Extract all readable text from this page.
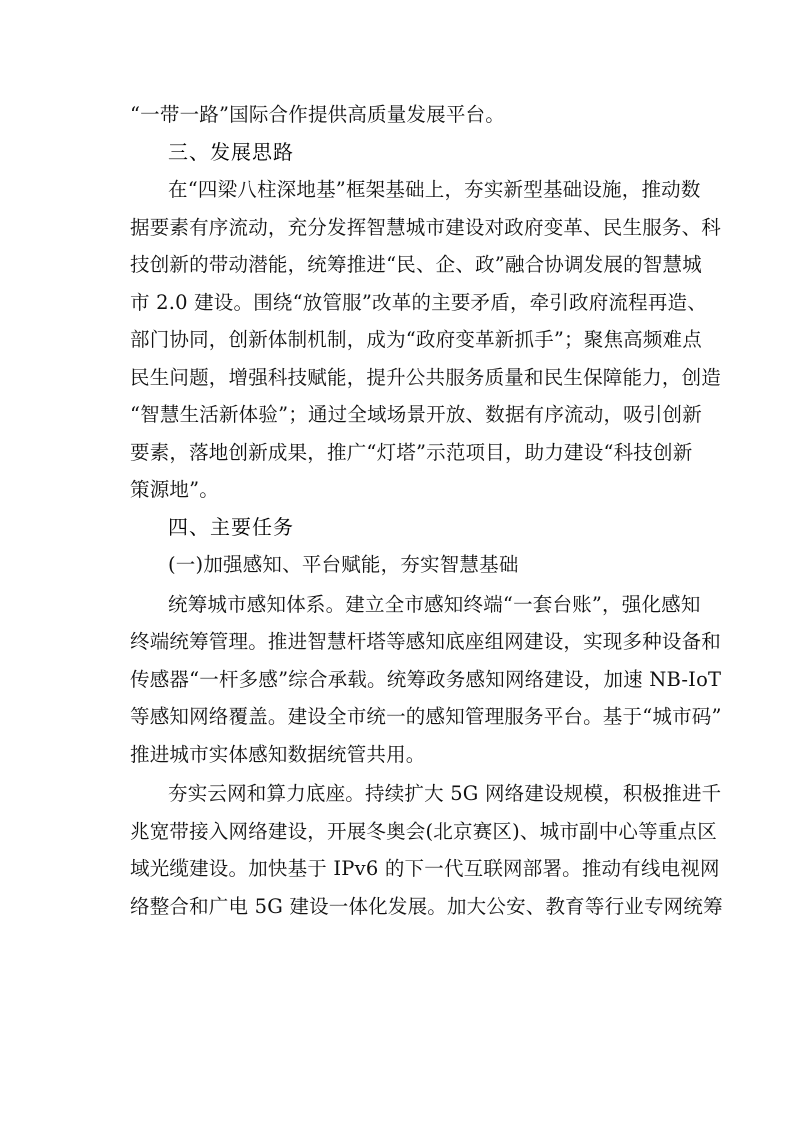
“一带一路”国际合作提供高质量发展平台。
三、发展思路
在“四梁八柱深地基”框架基础上，夯实新型基础设施，推动数
据要素有序流动，充分发挥智慧城市建设对政府变革、民生服务、科
技创新的带动潜能，统筹推进“民、企、政”融合协调发展的智慧城
市 2.0 建设。围绕“放管服”改革的主要矛盾，牵引政府流程再造、
部门协同，创新体制机制，成为“政府变革新抓手”；聚焦高频难点
民生问题，增强科技赋能，提升公共服务质量和民生保障能力，创造
“智慧生活新体验”；通过全域场景开放、数据有序流动，吸引创新
要素，落地创新成果，推广“灯塔”示范项目，助力建设“科技创新
策源地”。
四、主要任务
(一)加强感知、平台赋能，夯实智慧基础
统筹城市感知体系。建立全市感知终端“一套台账”，强化感知
终端统筹管理。推进智慧杆塔等感知底座组网建设，实现多种设备和
传感器“一杆多感”综合承载。统筹政务感知网络建设，加速 NB-IoT
等感知网络覆盖。建设全市统一的感知管理服务平台。基于“城市码”
推进城市实体感知数据统管共用。
夯实云网和算力底座。持续扩大 5G 网络建设规模，积极推进千
兆宽带接入网络建设，开展冬奥会(北京赛区)、城市副中心等重点区
域光缆建设。加快基于 IPv6 的下一代互联网部署。推动有线电视网
络整合和广电 5G 建设一体化发展。加大公安、教育等行业专网统筹
